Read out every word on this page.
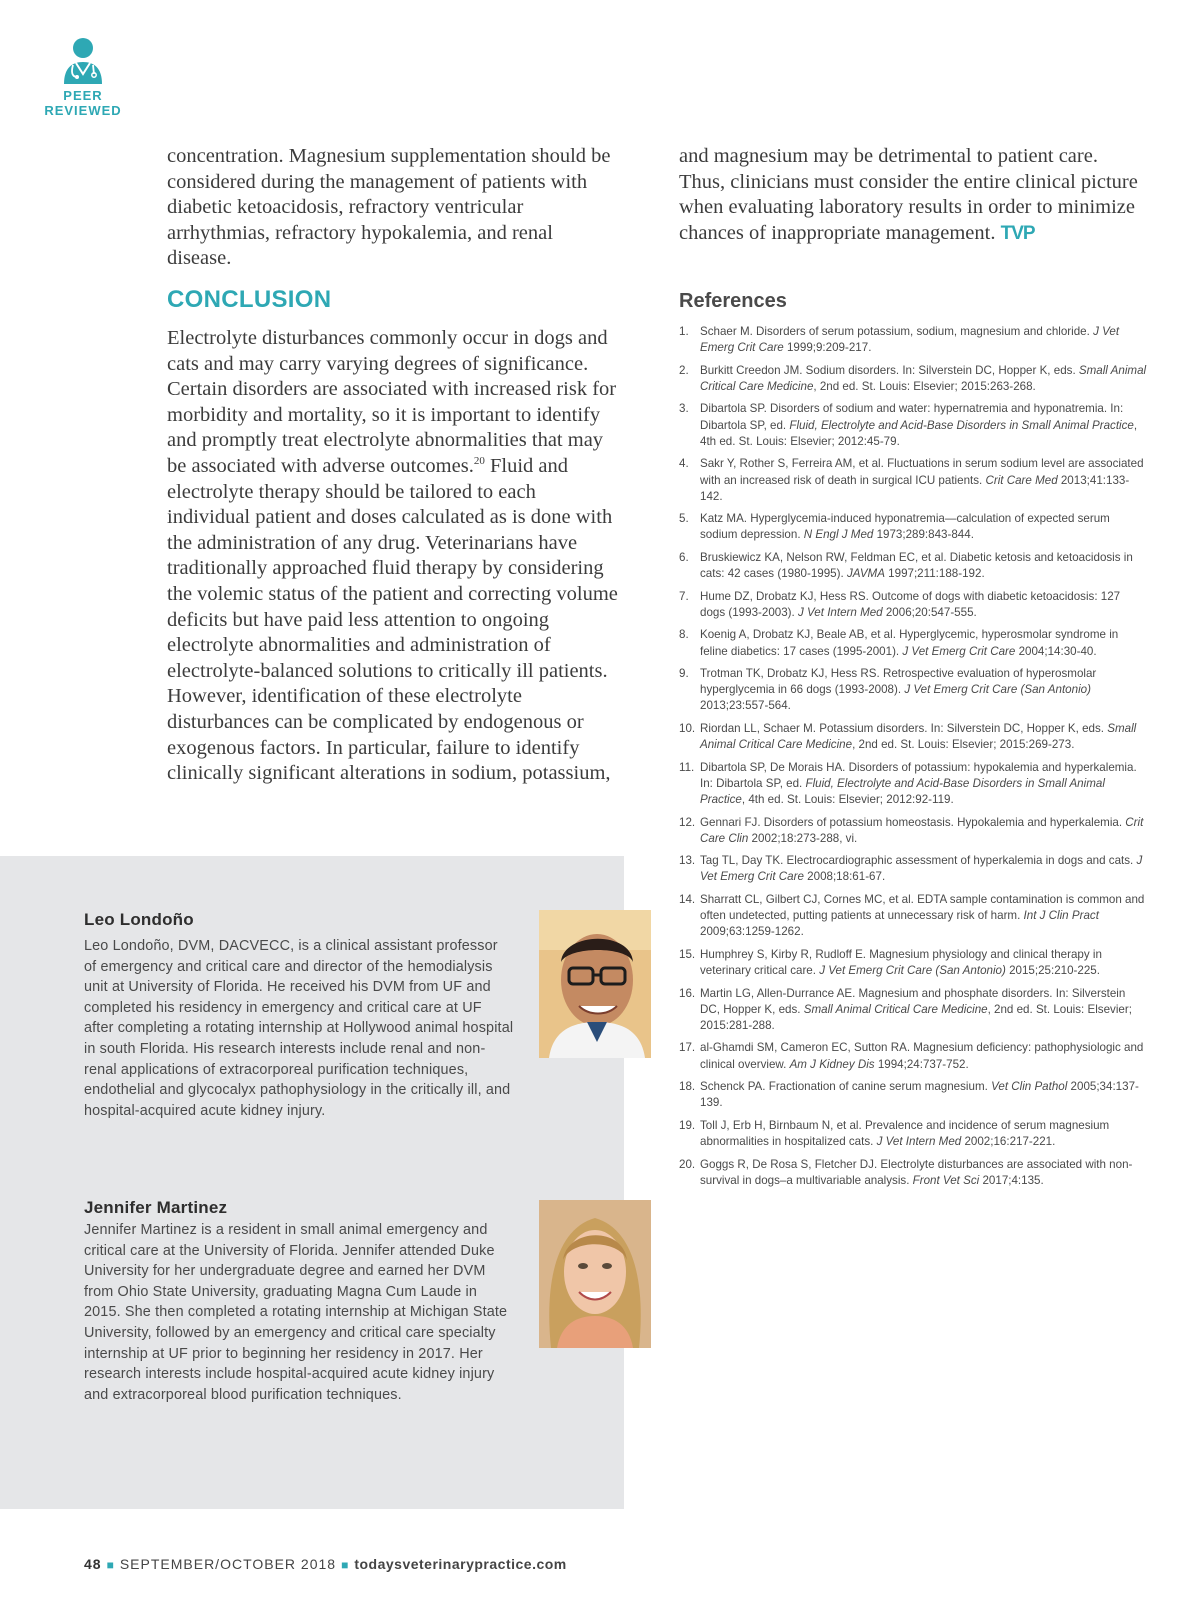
PEER
REVIEWED

concentration. Magnesium supplementation should be considered during the management of patients with diabetic ketoacidosis, refractory ventricular arrhythmias, refractory hypokalemia, and renal disease.

and magnesium may be detrimental to patient care. Thus, clinicians must consider the entire clinical picture when evaluating laboratory results in order to minimize chances of inappropriate management. TVP

CONCLUSION

Electrolyte disturbances commonly occur in dogs and cats and may carry varying degrees of significance. Certain disorders are associated with increased risk for morbidity and mortality, so it is important to identify and promptly treat electrolyte abnormalities that may be associated with adverse outcomes.$^{20}$ Fluid and electrolyte therapy should be tailored to each individual patient and doses calculated as is done with the administration of any drug. Veterinarians have traditionally approached fluid therapy by considering the volemic status of the patient and correcting volume deficits but have paid less attention to ongoing electrolyte abnormalities and administration of electrolyte-balanced solutions to critically ill patients. However, identification of these electrolyte disturbances can be complicated by endogenous or exogenous factors. In particular, failure to identify clinically significant alterations in sodium, potassium,

References
1. Schaer M. Disorders of serum potassium, sodium, magnesium and chloride. J Vet Emerg Crit Care 1999;9:209-217.
2. Burkitt Creedon JM. Sodium disorders. In: Silverstein DC, Hopper K, eds. Small Animal Critical Care Medicine, 2nd ed. St. Louis: Elsevier; 2015:263-268.
3. Dibartola SP. Disorders of sodium and water: hypernatremia and hyponatremia. In: Dibartola SP, ed. Fluid, Electrolyte and Acid-Base Disorders in Small Animal Practice, 4th ed. St. Louis: Elsevier; 2012:45-79.
4. Sakr Y, Rother S, Ferreira AM, et al. Fluctuations in serum sodium level are associated with an increased risk of death in surgical ICU patients. Crit Care Med 2013;41:133-142.
5. Katz MA. Hyperglycemia-induced hyponatremia—calculation of expected serum sodium depression. N Engl J Med 1973;289:843-844.
6. Bruskiewicz KA, Nelson RW, Feldman EC, et al. Diabetic ketosis and ketoacidosis in cats: 42 cases (1980-1995). JAVMA 1997;211:188-192.
7. Hume DZ, Drobatz KJ, Hess RS. Outcome of dogs with diabetic ketoacidosis: 127 dogs (1993-2003). J Vet Intern Med 2006;20:547-555.
8. Koenig A, Drobatz KJ, Beale AB, et al. Hyperglycemic, hyperosmolar syndrome in feline diabetics: 17 cases (1995-2001). J Vet Emerg Crit Care 2004;14:30-40.
9. Trotman TK, Drobatz KJ, Hess RS. Retrospective evaluation of hyperosmolar hyperglycemia in 66 dogs (1993-2008). J Vet Emerg Crit Care (San Antonio) 2013;23:557-564.
10. Riordan LL, Schaer M. Potassium disorders. In: Silverstein DC, Hopper K, eds. Small Animal Critical Care Medicine, 2nd ed. St. Louis: Elsevier; 2015:269-273.
11. Dibartola SP, De Morais HA. Disorders of potassium: hypokalemia and hyperkalemia. In: Dibartola SP, ed. Fluid, Electrolyte and Acid-Base Disorders in Small Animal Practice, 4th ed. St. Louis: Elsevier; 2012:92-119.
12. Gennari FJ. Disorders of potassium homeostasis. Hypokalemia and hyperkalemia. Crit Care Clin 2002;18:273-288, vi.
13. Tag TL, Day TK. Electrocardiographic assessment of hyperkalemia in dogs and cats. J Vet Emerg Crit Care 2008;18:61-67.
14. Sharratt CL, Gilbert CJ, Cornes MC, et al. EDTA sample contamination is common and often undetected, putting patients at unnecessary risk of harm. Int J Clin Pract 2009;63:1259-1262.
15. Humphrey S, Kirby R, Rudloff E. Magnesium physiology and clinical therapy in veterinary critical care. J Vet Emerg Crit Care (San Antonio) 2015;25:210-225.
16. Martin LG, Allen-Durrance AE. Magnesium and phosphate disorders. In: Silverstein DC, Hopper K, eds. Small Animal Critical Care Medicine, 2nd ed. St. Louis: Elsevier; 2015:281-288.
17. al-Ghamdi SM, Cameron EC, Sutton RA. Magnesium deficiency: pathophysiologic and clinical overview. Am J Kidney Dis 1994;24:737-752.
18. Schenck PA. Fractionation of canine serum magnesium. Vet Clin Pathol 2005;34:137-139.
19. Toll J, Erb H, Birnbaum N, et al. Prevalence and incidence of serum magnesium abnormalities in hospitalized cats. J Vet Intern Med 2002;16:217-221.
20. Goggs R, De Rosa S, Fletcher DJ. Electrolyte disturbances are associated with non-survival in dogs–a multivariable analysis. Front Vet Sci 2017;4:135.
Leo Londoño

Leo Londoño, DVM, DACVECC, is a clinical assistant professor of emergency and critical care and director of the hemodialysis unit at University of Florida. He received his DVM from UF and completed his residency in emergency and critical care at UF after completing a rotating internship at Hollywood animal hospital in south Florida. His research interests include renal and non-renal applications of extracorporeal purification techniques, endothelial and glycocalyx pathophysiology in the critically ill, and hospital-acquired acute kidney injury.

Jennifer Martinez

Jennifer Martinez is a resident in small animal emergency and critical care at the University of Florida. Jennifer attended Duke University for her undergraduate degree and earned her DVM from Ohio State University, graduating Magna Cum Laude in 2015. She then completed a rotating internship at Michigan State University, followed by an emergency and critical care specialty internship at UF prior to beginning her residency in 2017. Her research interests include hospital-acquired acute kidney injury and extracorporeal blood purification techniques.

48 ■ SEPTEMBER/OCTOBER 2018 ■ todaysveterinarypractice.com
